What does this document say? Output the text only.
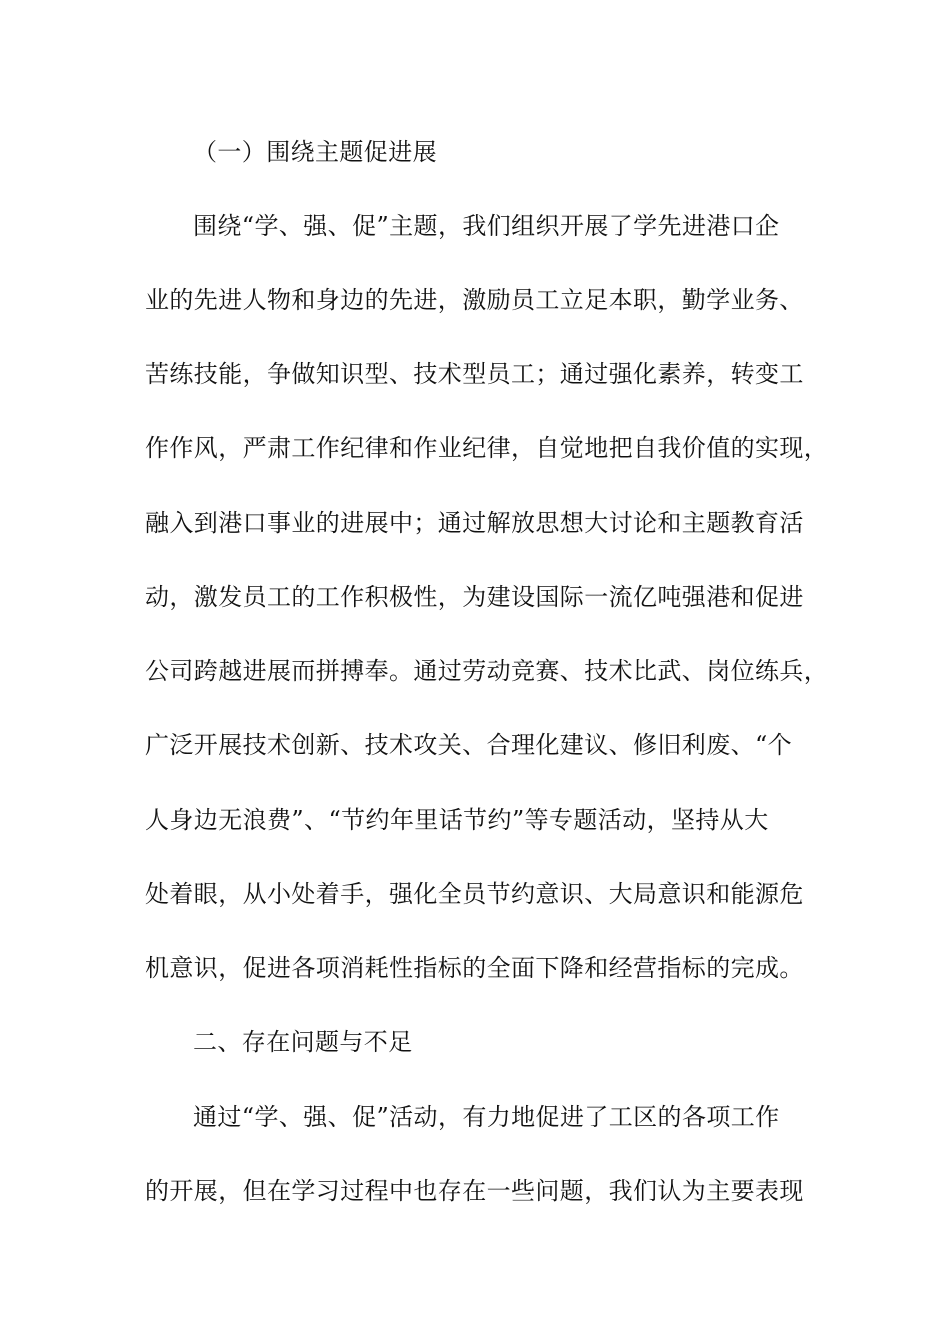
（一）围绕主题促进展
围绕“学、强、促”主题，我们组织开展了学先进港口企
业的先进人物和身边的先进，激励员工立足本职，勤学业务、
苦练技能，争做知识型、技术型员工；通过强化素养，转变工
作作风，严肃工作纪律和作业纪律，自觉地把自我价值的实现，
融入到港口事业的进展中；通过解放思想大讨论和主题教育活
动，激发员工的工作积极性，为建设国际一流亿吨强港和促进
公司跨越进展而拼搏奉。通过劳动竞赛、技术比武、岗位练兵，
广泛开展技术创新、技术攻关、合理化建议、修旧利废、“个
人身边无浪费”、“节约年里话节约”等专题活动，坚持从大
处着眼，从小处着手，强化全员节约意识、大局意识和能源危
机意识，促进各项消耗性指标的全面下降和经营指标的完成。
二、存在问题与不足
通过“学、强、促”活动，有力地促进了工区的各项工作
的开展，但在学习过程中也存在一些问题，我们认为主要表现
